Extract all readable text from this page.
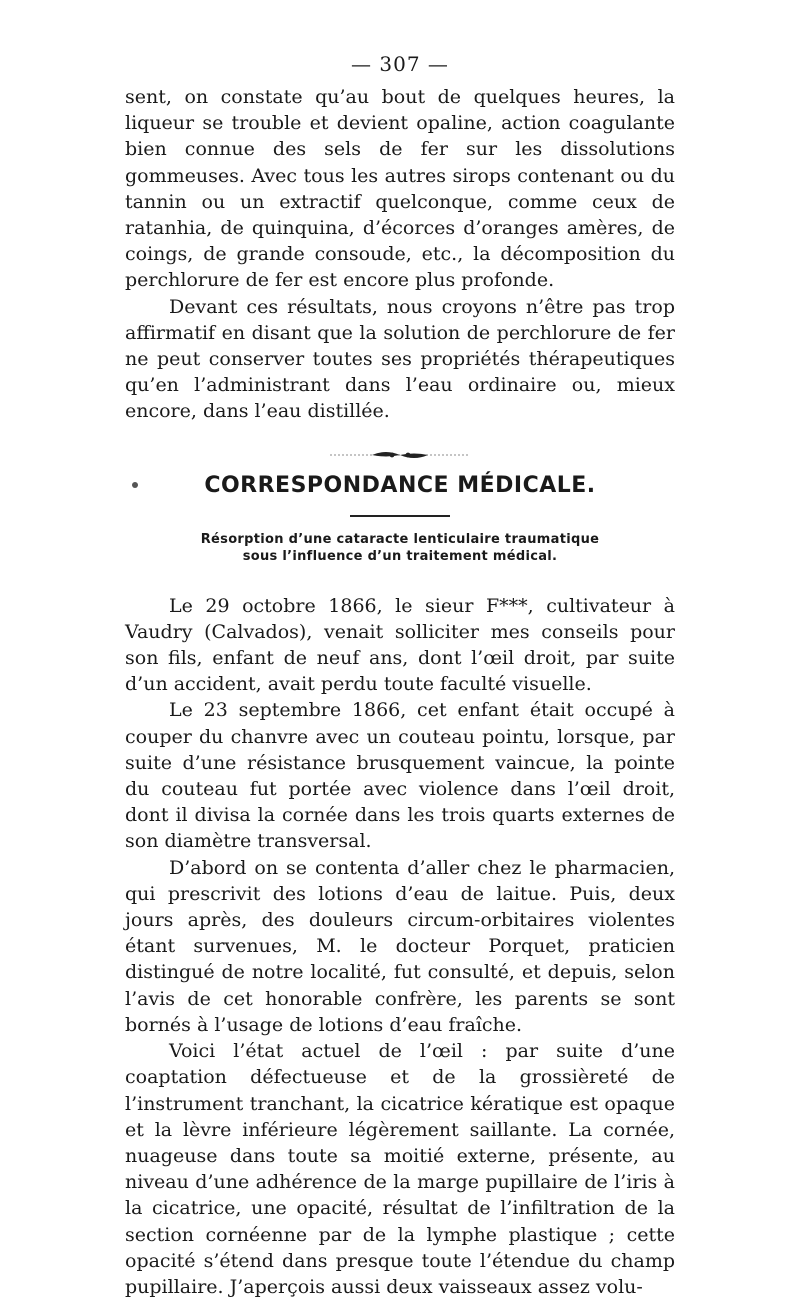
— 307 —

sent, on constate qu’au bout de quelques heures, la liqueur se trouble et devient opaline, action coagulante bien connue des sels de fer sur les dissolutions gommeuses. Avec tous les autres sirops contenant ou du tannin ou un extractif quelconque, comme ceux de ratanhia, de quinquina, d’écorces d’oranges amères, de coings, de grande consoude, etc., la décomposition du perchlorure de fer est encore plus profonde.

Devant ces résultats, nous croyons n’être pas trop affirmatif en disant que la solution de perchlorure de fer ne peut conserver toutes ses propriétés thérapeutiques qu’en l’administrant dans l’eau ordinaire ou, mieux encore, dans l’eau distillée.

CORRESPONDANCE MÉDICALE.
Résorption d’une cataracte lenticulaire traumatique
sous l’influence d’un traitement médical.

Le 29 octobre 1866, le sieur F***, cultivateur à Vaudry (Calvados), venait solliciter mes conseils pour son fils, enfant de neuf ans, dont l’œil droit, par suite d’un accident, avait perdu toute faculté visuelle.

Le 23 septembre 1866, cet enfant était occupé à couper du chanvre avec un couteau pointu, lorsque, par suite d’une résistance brusquement vaincue, la pointe du couteau fut portée avec violence dans l’œil droit, dont il divisa la cornée dans les trois quarts externes de son diamètre transversal.

D’abord on se contenta d’aller chez le pharmacien, qui prescrivit des lotions d’eau de laitue. Puis, deux jours après, des douleurs circum-orbitaires violentes étant survenues, M. le docteur Porquet, praticien distingué de notre localité, fut consulté, et depuis, selon l’avis de cet honorable confrère, les parents se sont bornés à l’usage de lotions d’eau fraîche.

Voici l’état actuel de l’œil : par suite d’une coaptation défectueuse et de la grossièreté de l’instrument tranchant, la cicatrice kératique est opaque et la lèvre inférieure légèrement saillante. La cornée, nuageuse dans toute sa moitié externe, présente, au niveau d’une adhérence de la marge pupillaire de l’iris à la cicatrice, une opacité, résultat de l’infiltration de la section cornéenne par de la lymphe plastique ; cette opacité s’étend dans presque toute l’étendue du champ pupillaire. J’aperçois aussi deux vaisseaux assez volu-
